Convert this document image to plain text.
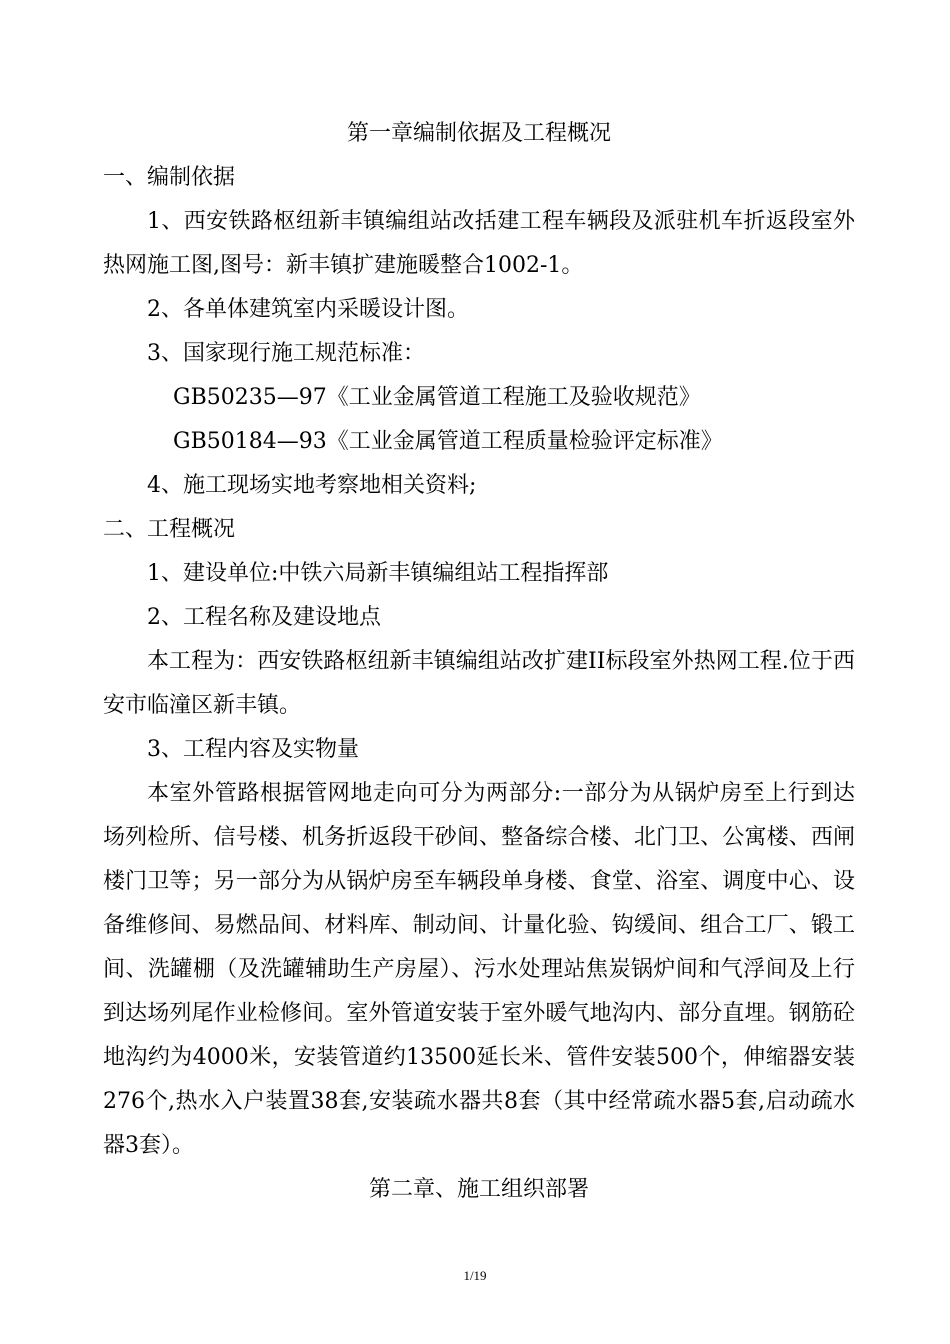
第一章编制依据及工程概况

一、编制依据

1、西安铁路枢纽新丰镇编组站改括建工程车辆段及派驻机车折返段室外热网施工图,图号：新丰镇扩建施暖整合1002-1。

2、各单体建筑室内采暖设计图。

3、国家现行施工规范标准：

GB50235—97《工业金属管道工程施工及验收规范》

GB50184—93《工业金属管道工程质量检验评定标准》

4、施工现场实地考察地相关资料;

二、工程概况

1、建设单位:中铁六局新丰镇编组站工程指挥部

2、工程名称及建设地点

本工程为：西安铁路枢纽新丰镇编组站改扩建II标段室外热网工程.位于西安市临潼区新丰镇。

3、工程内容及实物量

本室外管路根据管网地走向可分为两部分:一部分为从锅炉房至上行到达场列检所、信号楼、机务折返段干砂间、整备综合楼、北门卫、公寓楼、西闸楼门卫等；另一部分为从锅炉房至车辆段单身楼、食堂、浴室、调度中心、设备维修间、易燃品间、材料库、制动间、计量化验、钩缓间、组合工厂、锻工间、洗罐棚（及洗罐辅助生产房屋）、污水处理站焦炭锅炉间和气浮间及上行到达场列尾作业检修间。室外管道安装于室外暖气地沟内、部分直埋。钢筋砼地沟约为4000米，安装管道约13500延长米、管件安装500个，伸缩器安装276个,热水入户装置38套,安装疏水器共8套（其中经常疏水器5套,启动疏水器3套）。

第二章、施工组织部署
1/19
